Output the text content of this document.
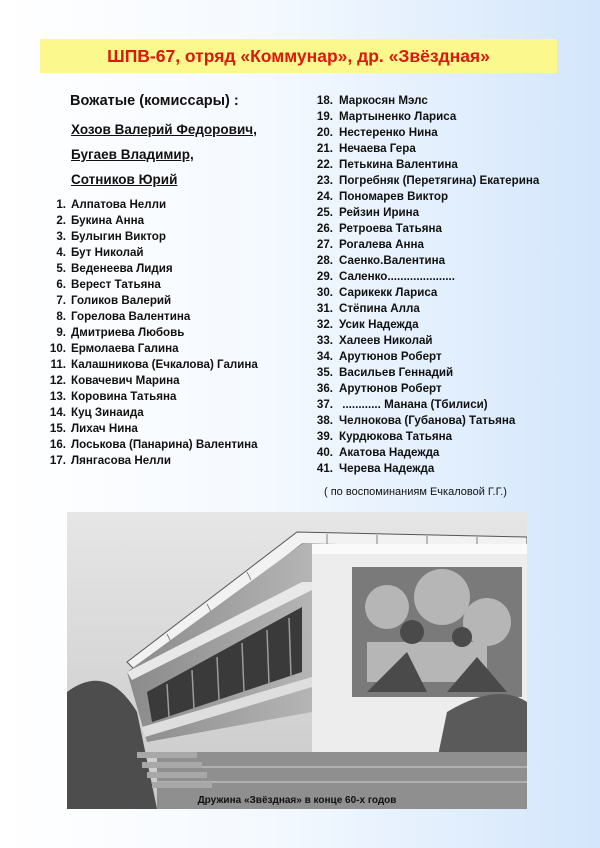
ШПВ-67, отряд «Коммунар», др. «Звёздная»
Вожатые (комиссары) :
Хозов Валерий Федорович,
Бугаев Владимир,
Сотников Юрий
1. Алпатова Нелли
2. Букина Анна
3. Булыгин Виктор
4. Бут Николай
5. Веденеева Лидия
6. Верест Татьяна
7. Голиков Валерий
8. Горелова Валентина
9. Дмитриева Любовь
10. Ермолаева Галина
11. Калашникова (Ечкалова) Галина
12. Ковачевич Марина
13. Коровина Татьяна
14. Куц Зинаида
15. Лихач Нина
16. Лоськова (Панарина) Валентина
17. Лянгасова Нелли
18. Маркосян Мэлс
19. Мартыненко Лариса
20. Нестеренко Нина
21. Нечаева Гера
22. Петькина Валентина
23. Погребняк (Перетягина) Екатерина
24. Пономарев Виктор
25. Рейзин Ирина
26. Ретроева Татьяна
27. Рогалева Анна
28. Саенко.Валентина
29. Саленко.....................
30. Сарикекк Лариса
31. Стёпина Алла
32. Усик Надежда
33. Халеев Николай
34. Арутюнов Роберт
35. Васильев Геннадий
36. Арутюнов Роберт
37. ............ Манана (Тбилиси)
38. Челнокова (Губанова) Татьяна
39. Курдюкова Татьяна
40. Акатова Надежда
41. Черева Надежда
( по воспоминаниям Ечкаловой Г.Г.)
Дружина «Звёздная» в конце 60-х годов
